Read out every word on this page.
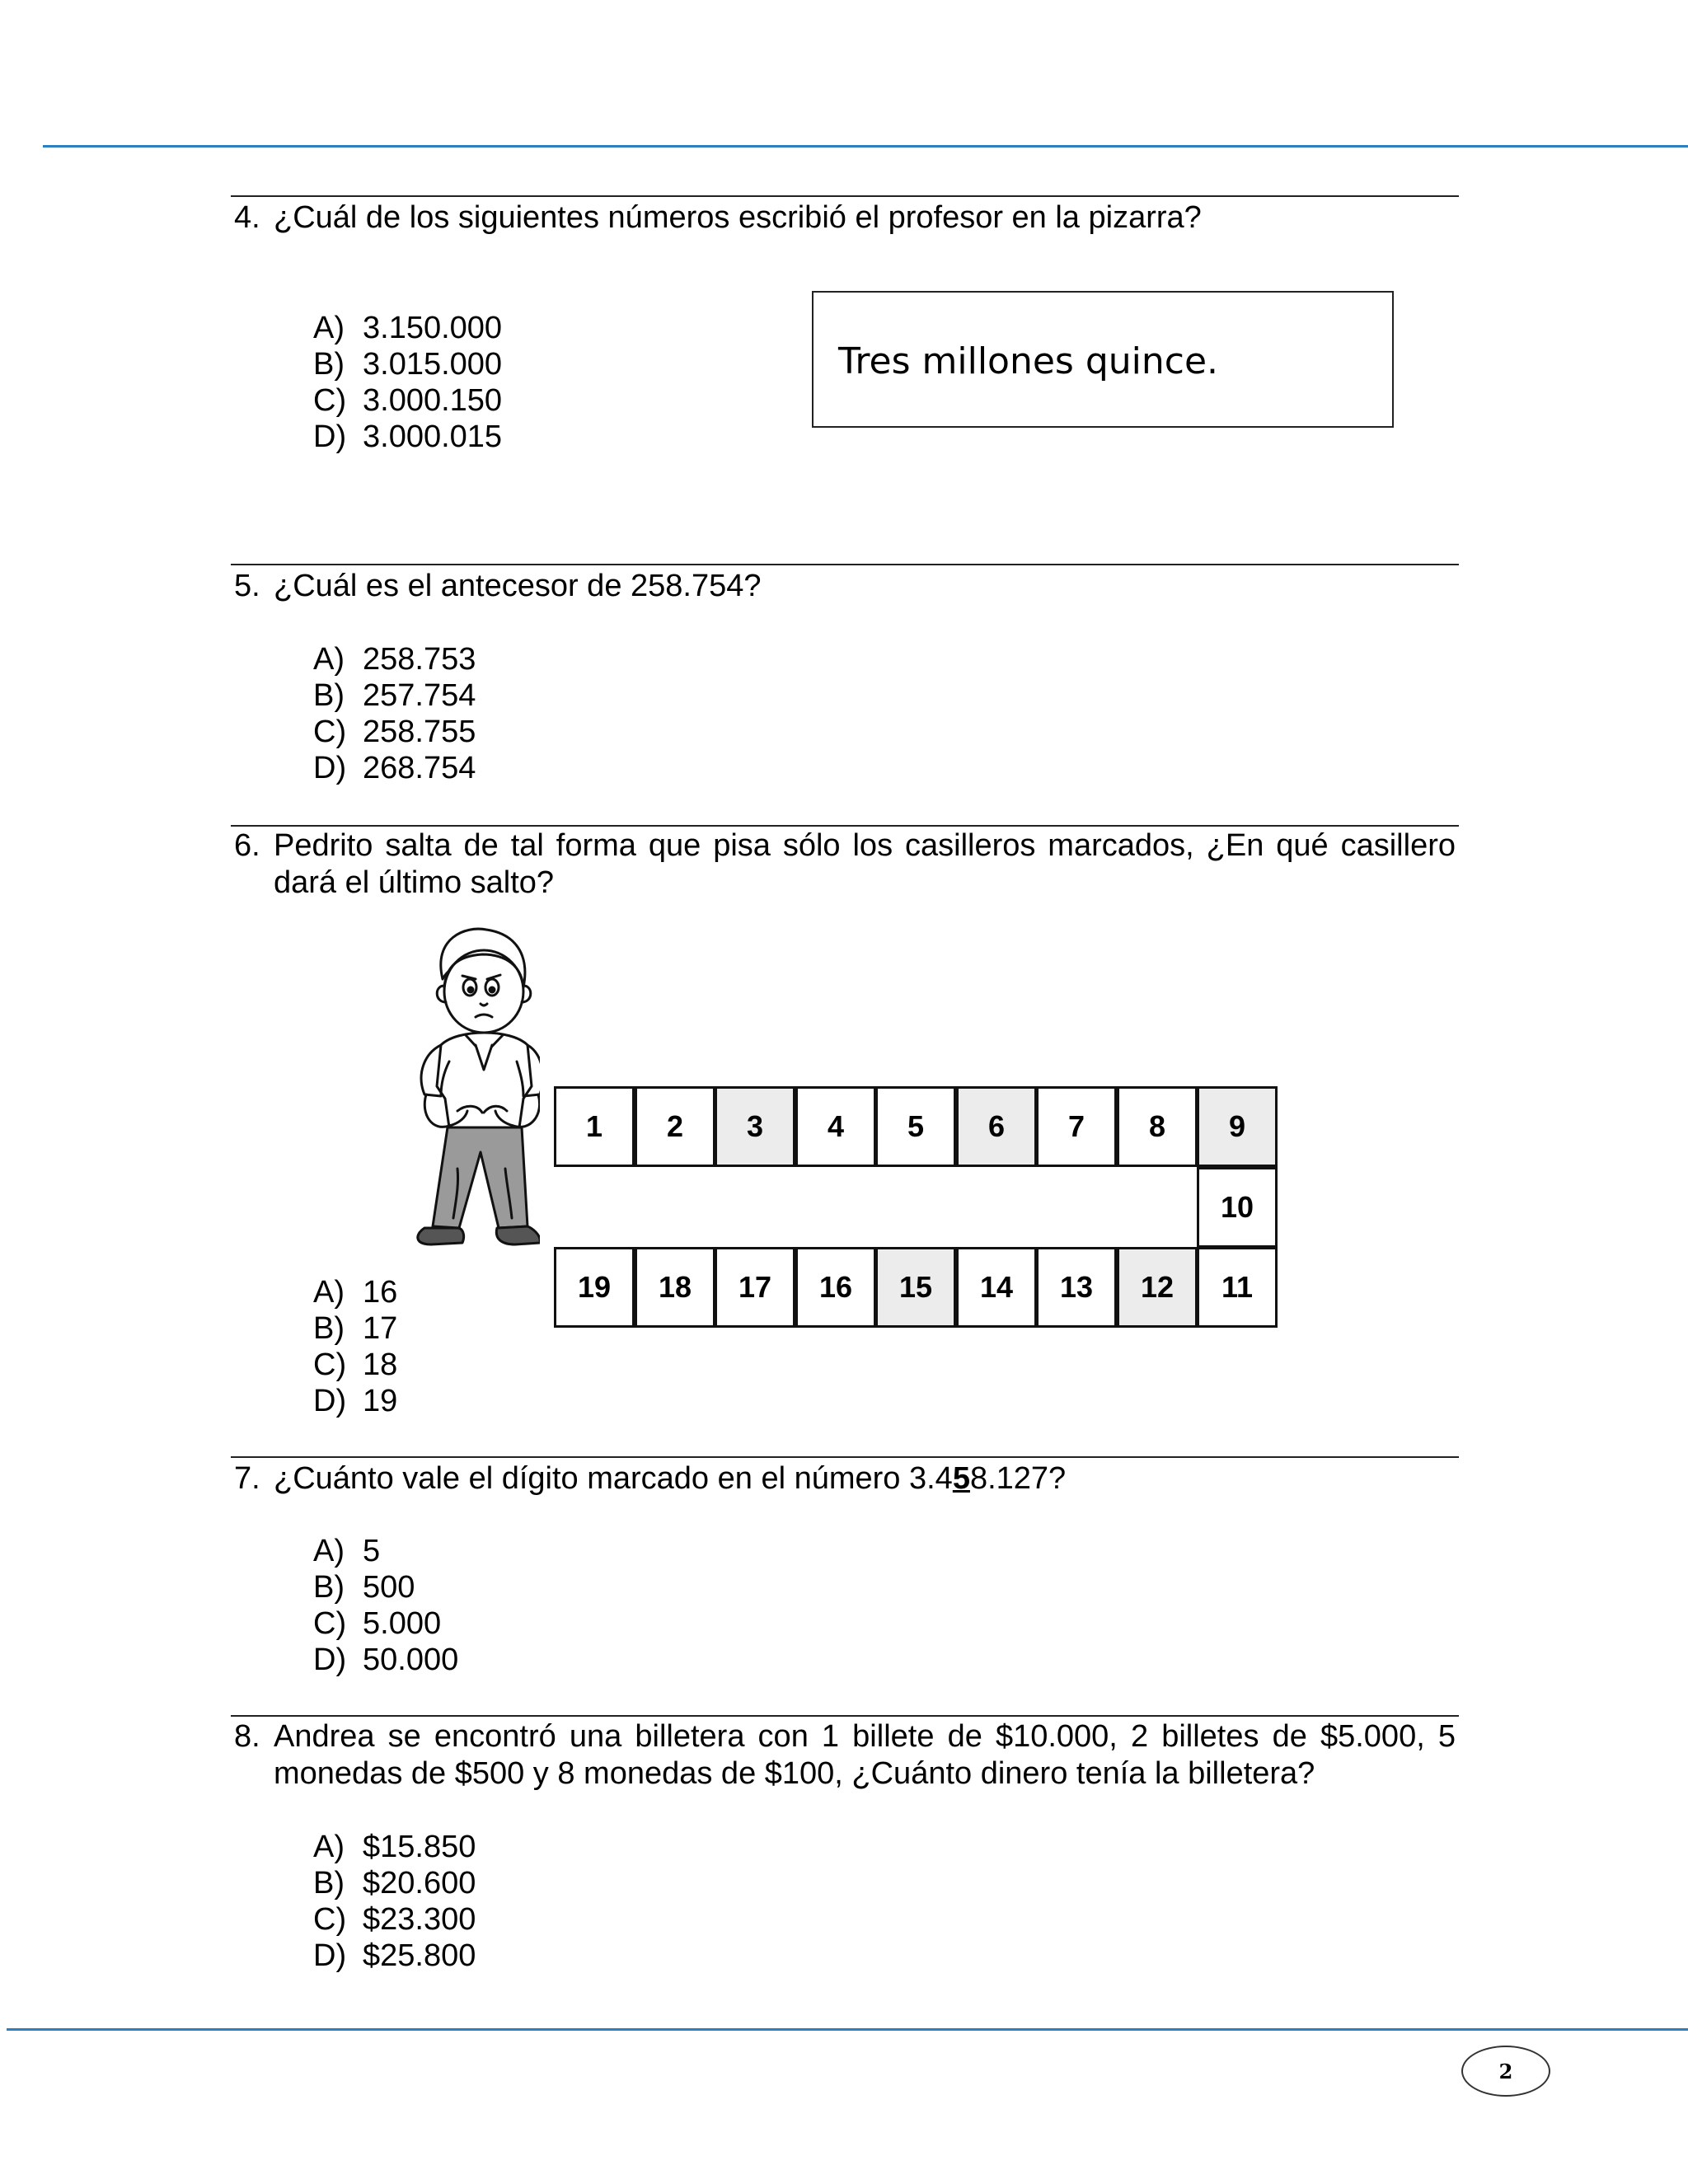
4. ¿Cuál de los siguientes números escribió el profesor en la pizarra?
A) 3.150.000
B) 3.015.000
C) 3.000.150
D) 3.000.015
Tres millones quince.
5. ¿Cuál es el antecesor de 258.754?
A) 258.753
B) 257.754
C) 258.755
D) 268.754
6. Pedrito salta de tal forma que pisa sólo los casilleros marcados, ¿En qué casillero dará el último salto?
1	2	3	4	5	6	7	8	9
10
19	18	17	16	15	14	13	12	11
A) 16
B) 17
C) 18
D) 19
7. ¿Cuánto vale el dígito marcado en el número 3.458.127?
A) 5
B) 500
C) 5.000
D) 50.000
8. Andrea se encontró una billetera con 1 billete de $10.000, 2 billetes de $5.000, 5 monedas de $500 y 8 monedas de $100, ¿Cuánto dinero tenía la billetera?
A) $15.850
B) $20.600
C) $23.300
D) $25.800
2
